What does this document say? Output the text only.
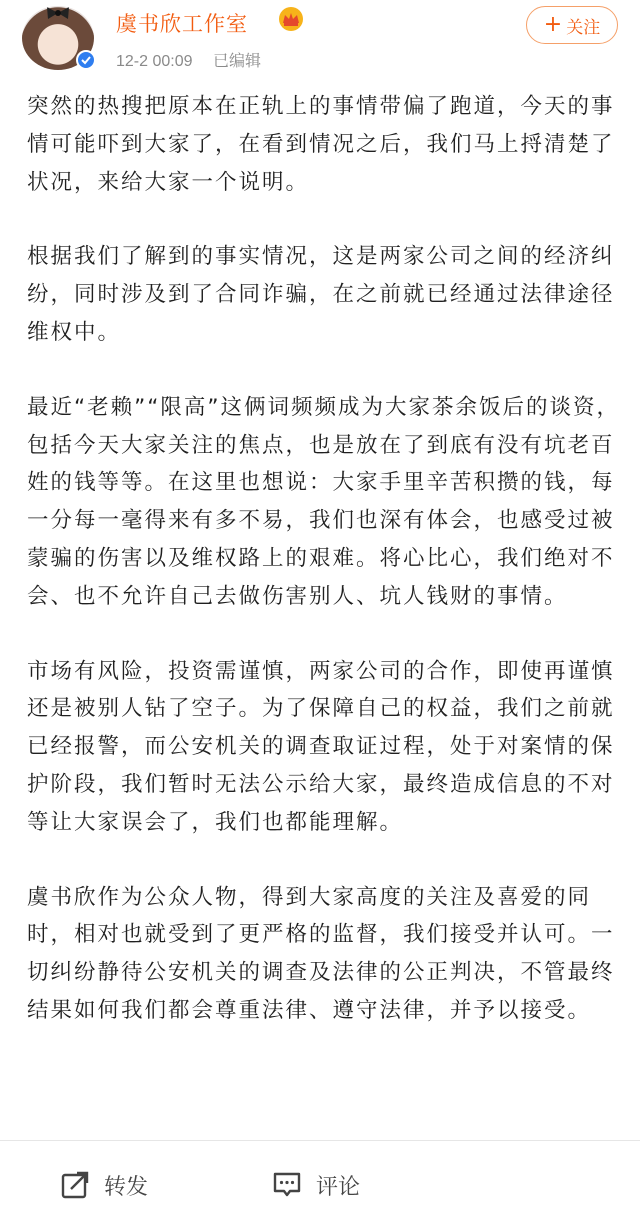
虞书欣工作室
12-2 00:09 已编辑
+ 关注

突然的热搜把原本在正轨上的事情带偏了跑道，今天的事情可能吓到大家了，在看到情况之后，我们马上捋清楚了状况，来给大家一个说明。

根据我们了解到的事实情况，这是两家公司之间的经济纠纷，同时涉及到了合同诈骗，在之前就已经通过法律途径维权中。

最近“老赖”“限高”这俩词频频成为大家茶余饭后的谈资，包括今天大家关注的焦点，也是放在了到底有没有坑老百姓的钱等等。在这里也想说：大家手里辛苦积攒的钱，每一分每一毫得来有多不易，我们也深有体会，也感受过被蒙骗的伤害以及维权路上的艰难。将心比心，我们绝对不会、也不允许自己去做伤害别人、坑人钱财的事情。

市场有风险，投资需谨慎，两家公司的合作，即使再谨慎还是被别人钻了空子。为了保障自己的权益，我们之前就已经报警，而公安机关的调查取证过程，处于对案情的保护阶段，我们暂时无法公示给大家，最终造成信息的不对等让大家误会了，我们也都能理解。

虞书欣作为公众人物，得到大家高度的关注及喜爱的同时，相对也就受到了更严格的监督，我们接受并认可。一切纠纷静待公安机关的调查及法律的公正判决，不管最终结果如何我们都会尊重法律、遵守法律，并予以接受。

转发	评论
